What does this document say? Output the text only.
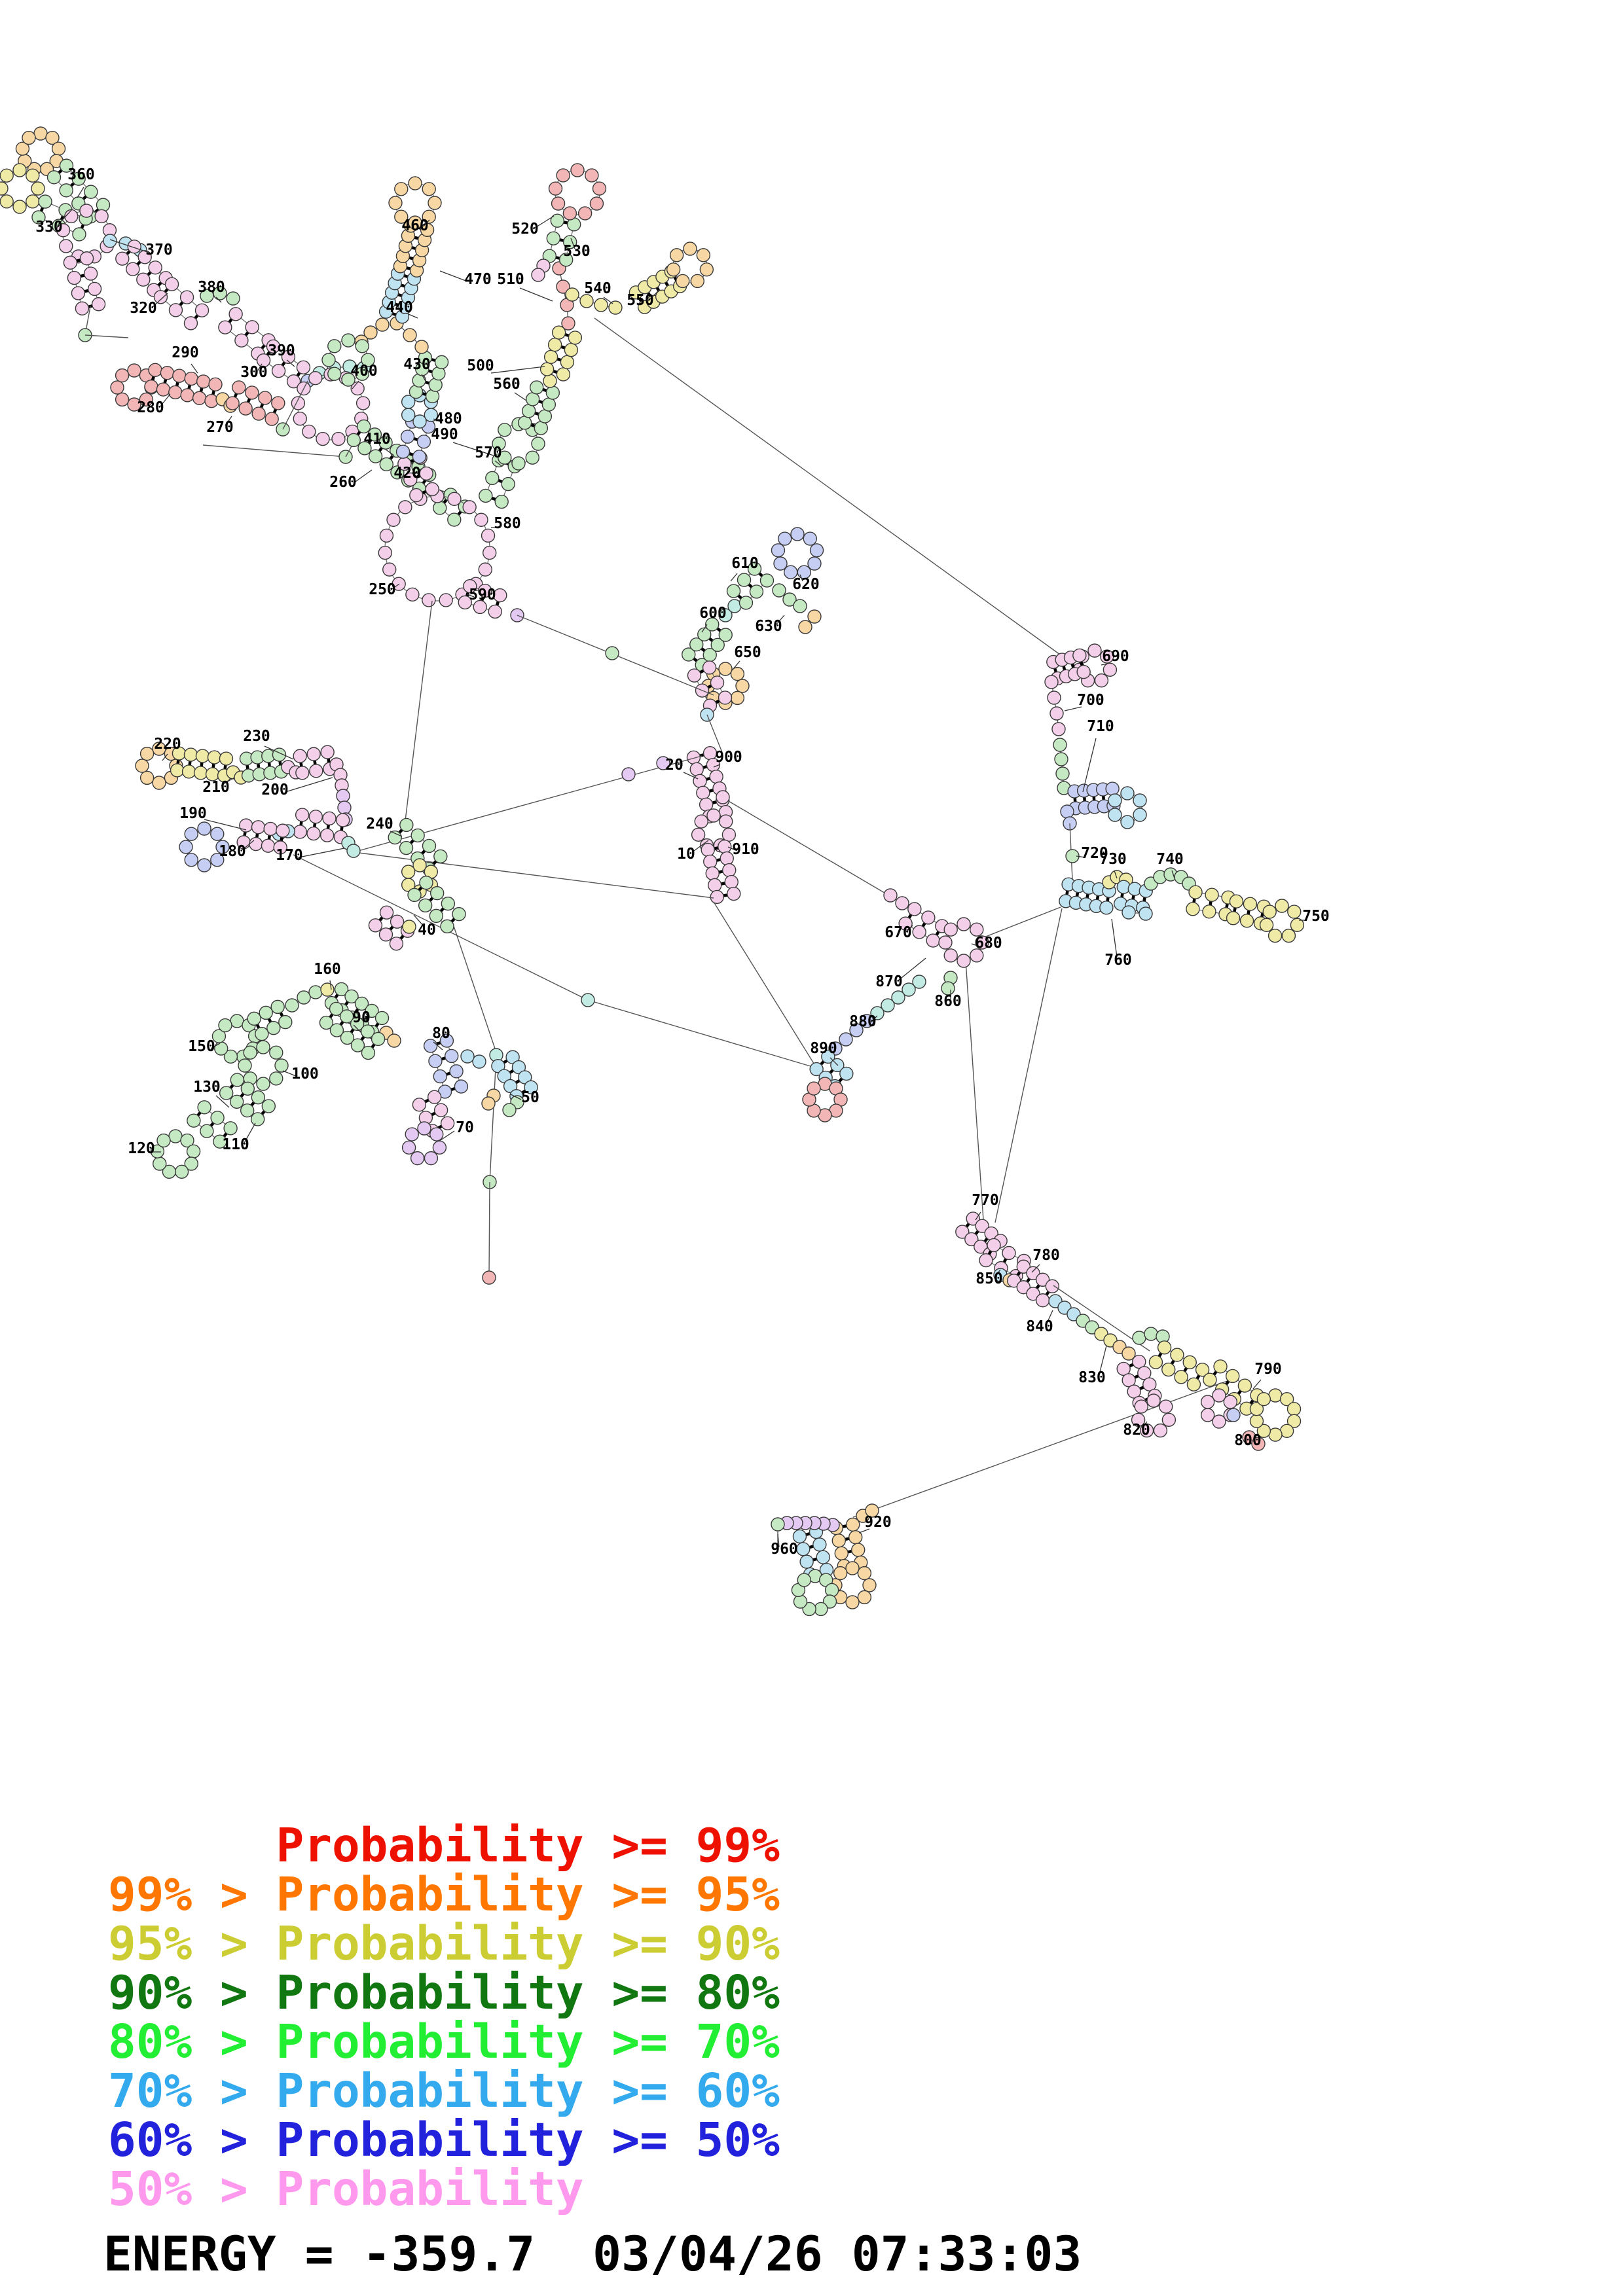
10
20
40
50
70
80
90
100
110
120
130
150
160
170
180
190
200
210
220	230
240
250
260
270
280
290
300
320
330
360
370
380
390
400
410
420
430
440
460
470
480
490
500
510
520
530
540
550
560
570
580
590
600
610
620
630
650
670
680
690
700
710
720
730 740
750
760
770
780
790
800
820
830
840
850
860
870
880
890
900
910
920
960
Probability >= 99%
99% > Probability >= 95%
95% > Probability >= 90%
90% > Probability >= 80%
80% > Probability >= 70%
70% > Probability >= 60%
60% > Probability >= 50%
50% > Probability
ENERGY = -359.7  03/04/26 07:33:03
